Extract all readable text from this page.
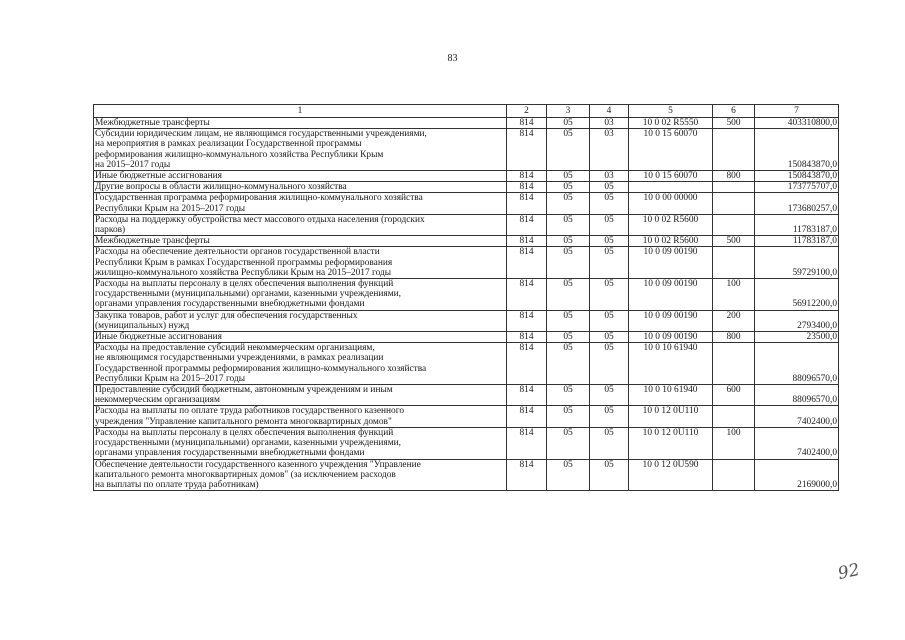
83
1	2	3	4	5	6	7
Межбюджетные трансферты	814	05	03	10 0 02 R5550	500	403310800,0
Субсидии юридическим лицам, не являющимся государственными учреждениями,
на мероприятия в рамках реализации Государственной программы
реформирования жилищно-коммунального хозяйства Республики Крым
на 2015–2017 годы	814	05	03	10 0 15 60070		150843870,0
Иные бюджетные ассигнования	814	05	03	10 0 15 60070	800	150843870,0
Другие вопросы в области жилищно-коммунального хозяйства	814	05	05			173775707,0
Государственная программа реформирования жилищно-коммунального хозяйства
Республики Крым на 2015–2017 годы	814	05	05	10 0 00 00000		173680257,0
Расходы на поддержку обустройства мест массового отдыха населения (городских
парков)	814	05	05	10 0 02 R5600		11783187,0
Межбюджетные трансферты	814	05	05	10 0 02 R5600	500	11783187,0
Расходы на обеспечение деятельности органов государственной власти
Республики Крым в рамках Государственной программы реформирования
жилищно-коммунального хозяйства Республики Крым на 2015–2017 годы	814	05	05	10 0 09 00190		59729100,0
Расходы на выплаты персоналу в целях обеспечения выполнения функций
государственными (муниципальными) органами, казенными учреждениями,
органами управления государственными внебюджетными фондами	814	05	05	10 0 09 00190	100	56912200,0
Закупка товаров, работ и услуг для обеспечения государственных
(муниципальных) нужд	814	05	05	10 0 09 00190	200	2793400,0
Иные бюджетные ассигнования	814	05	05	10 0 09 00190	800	23500,0
Расходы на предоставление субсидий некоммерческим организациям,
не являющимся государственными учреждениями, в рамках реализации
Государственной программы реформирования жилищно-коммунального хозяйства
Республики Крым на 2015–2017 годы	814	05	05	10 0 10 61940		88096570,0
Предоставление субсидий бюджетным, автономным учреждениям и иным
некоммерческим организациям	814	05	05	10 0 10 61940	600	88096570,0
Расходы на выплаты по оплате труда работников государственного казенного
учреждения "Управление капитального ремонта многоквартирных домов"	814	05	05	10 0 12 0U110		7402400,0
Расходы на выплаты персоналу в целях обеспечения выполнения функций
государственными (муниципальными) органами, казенными учреждениями,
органами управления государственными внебюджетными фондами	814	05	05	10 0 12 0U110	100	7402400,0
Обеспечение деятельности государственного казенного учреждения "Управление
капитального ремонта многоквартирных домов" (за исключением расходов
на выплаты по оплате труда работникам)	814	05	05	10 0 12 0U590		2169000,0
92
